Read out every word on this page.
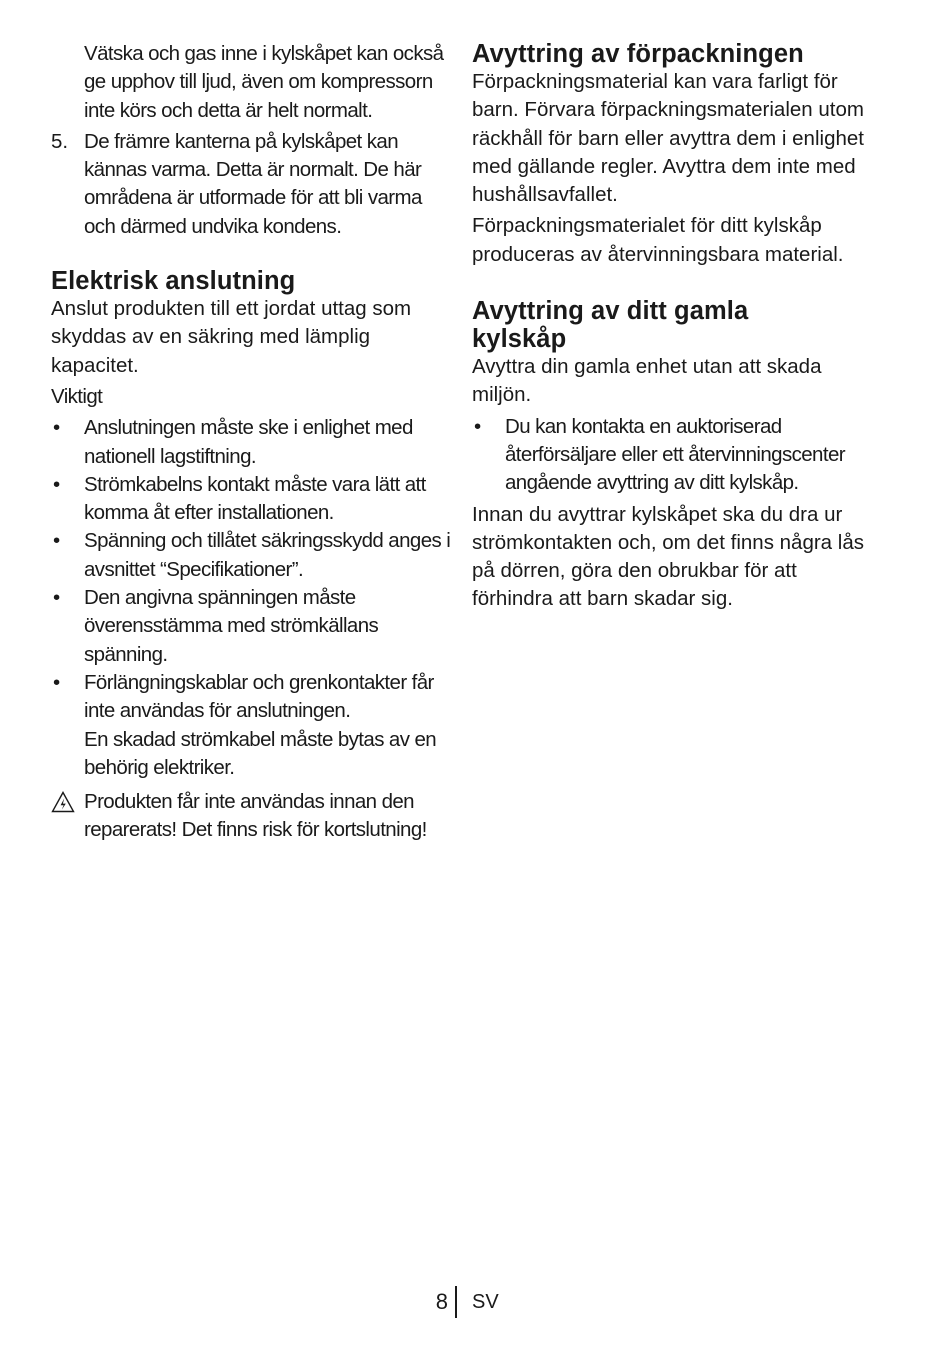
Vätska och gas inne i kylskåpet kan också ge upphov till ljud, även om kompressorn inte körs och detta är helt normalt.

5. De främre kanterna på kylskåpet kan kännas varma. Detta är normalt. De här områdena är utformade för att bli varma och därmed undvika kondens.
Elektrisk anslutning

Anslut produkten till ett jordat uttag som skyddas av en säkring med lämplig kapacitet.

Viktigt

•	Anslutningen måste ske i enlighet med nationell lagstiftning.
•	Strömkabelns kontakt måste vara lätt att komma åt efter installationen.
•	Spänning och tillåtet säkringsskydd anges i avsnittet “Specifikationer”.
•	Den angivna spänningen måste överensstämma med strömkällans spänning.
•	Förlängningskablar och grenkontakter får inte användas för anslutningen.

En skadad strömkabel måste bytas av en behörig elektriker.

Produkten får inte användas innan den reparerats! Det finns risk för kortslutning!
Avyttring av förpackningen

Förpackningsmaterial kan vara farligt för barn. Förvara förpackningsmaterialen utom räckhåll för barn eller avyttra dem i enlighet med gällande regler. Avyttra dem inte med hushållsavfallet.

Förpackningsmaterialet för ditt kylskåp produceras av återvinningsbara material.

Avyttring av ditt gamla kylskåp

Avyttra din gamla enhet utan att skada miljön.

•	Du kan kontakta en auktoriserad återförsäljare eller ett återvinningscenter angående avyttring av ditt kylskåp.

Innan du avyttrar kylskåpet ska du dra ur strömkontakten och, om det finns några lås på dörren, göra den obrukbar för att förhindra att barn skadar sig.

8 SV
